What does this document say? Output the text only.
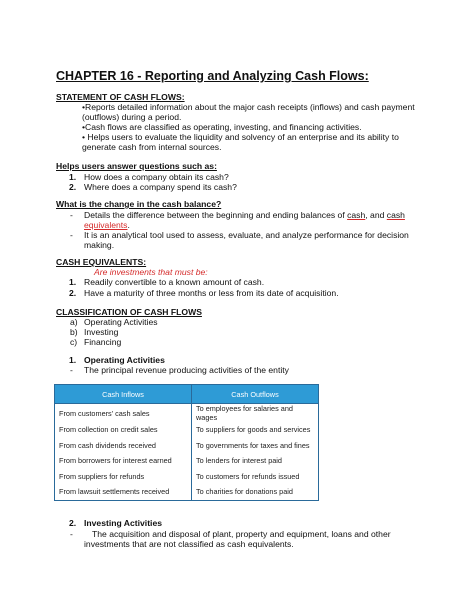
CHAPTER 16 - Reporting and Analyzing Cash Flows:
STATEMENT OF CASH FLOWS:
•Reports detailed information about the major cash receipts (inflows) and cash payment
(outflows) during a period.
•Cash flows are classified as operating, investing, and financing activities.
• Helps users to evaluate the liquidity and solvency of an enterprise and its ability to
generate cash from internal sources.
Helps users answer questions such as:
1. How does a company obtain its cash?
2. Where does a company spend its cash?
What is the change in the cash balance?
- Details the difference between the beginning and ending balances of cash, and cash
equivalents.
- It is an analytical tool used to assess, evaluate, and analyze performance for decision
making.
CASH EQUIVALENTS:
Are investments that must be:
1. Readily convertible to a known amount of cash.
2. Have a maturity of three months or less from its date of acquisition.
CLASSIFICATION OF CASH FLOWS
a) Operating Activities
b) Investing
c) Financing
1. Operating Activities
- The principal revenue producing activities of the entity
Cash Inflows	Cash Outflows
From customers’ cash sales	To employees for salaries and wages
From collection on credit sales	To suppliers for goods and services
From cash dividends received	To governments for taxes and fines
From borrowers for interest earned	To lenders for interest paid
From suppliers for refunds	To customers for refunds issued
From lawsuit settlements received	To charities for donations paid
2. Investing Activities
- The acquisition and disposal of plant, property and equipment, loans and other
investments that are not classified as cash equivalents.
